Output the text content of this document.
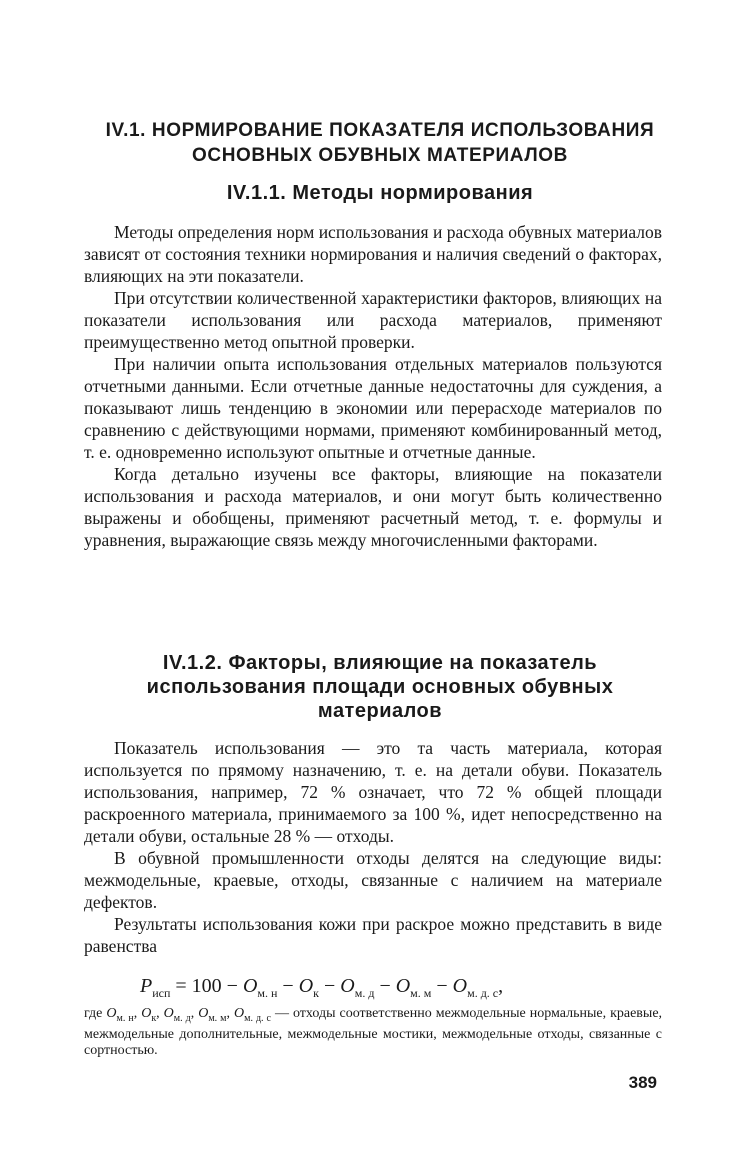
IV.1. НОРМИРОВАНИЕ ПОКАЗАТЕЛЯ ИСПОЛЬЗОВАНИЯ
ОСНОВНЫХ ОБУВНЫХ МАТЕРИАЛОВ
IV.1.1. Методы нормирования

Методы определения норм использования и расхода обувных материалов зависят от состояния техники нормирования и наличия сведений о факторах, влияющих на эти показатели.

При отсутствии количественной характеристики факторов, влияющих на показатели использования или расхода материалов, применяют преимущественно метод опытной проверки.

При наличии опыта использования отдельных материалов пользуются отчетными данными. Если отчетные данные недостаточны для суждения, а показывают лишь тенденцию в экономии или перерасходе материалов по сравнению с действующими нормами, применяют комбинированный метод, т. е. одновременно используют опытные и отчетные данные.

Когда детально изучены все факторы, влияющие на показатели использования и расхода материалов, и они могут быть количественно выражены и обобщены, применяют расчетный метод, т. е. формулы и уравнения, выражающие связь между многочисленными факторами.

IV.1.2. Факторы, влияющие на показатель
использования площади основных обувных
материалов

Показатель использования — это та часть материала, которая используется по прямому назначению, т. е. на детали обуви. Показатель использования, например, 72 % означает, что 72 % общей площади раскроенного материала, принимаемого за 100 %, идет непосредственно на детали обуви, остальные 28 % — отходы.

В обувной промышленности отходы делятся на следующие виды: межмодельные, краевые, отходы, связанные с наличием на материале дефектов.

Результаты использования кожи при раскрое можно представить в виде равенства

$P_{исп} = 100 - О_{м. н} - О_к - О_{м. д} - О_{м. м} - О_{м. д. с}$,

где $О_{м. н}$, $О_к$, $О_{м. д}$, $О_{м. м}$, $О_{м. д. с}$ — отходы соответственно межмодельные нормальные, краевые, межмодельные дополнительные, межмодельные мостики, межмодельные отходы, связанные с сортностью.

389
